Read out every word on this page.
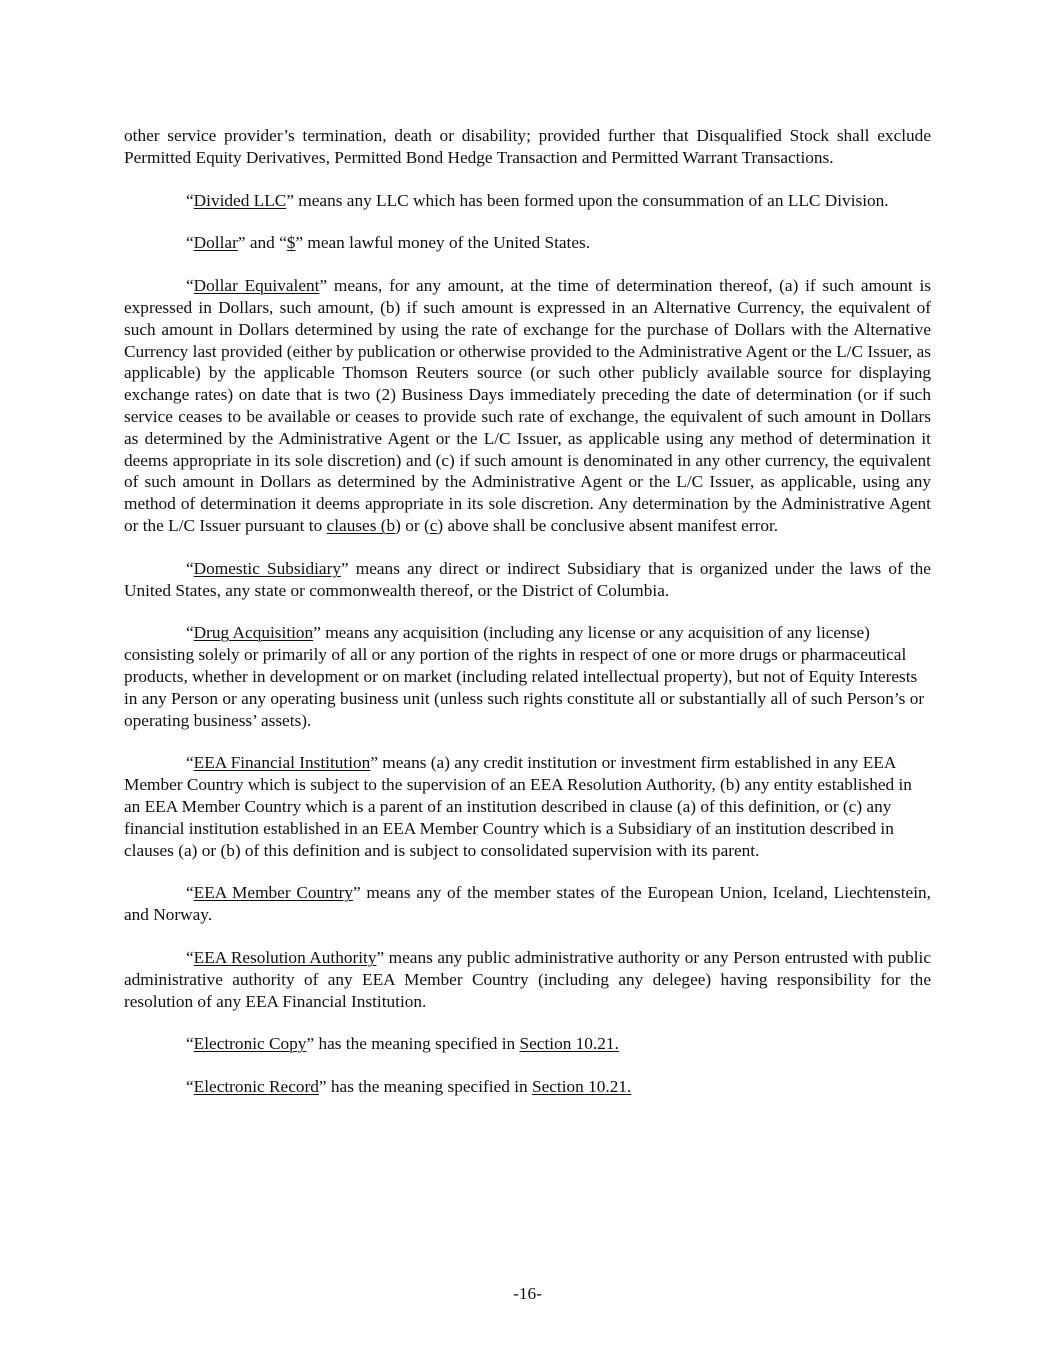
other service provider’s termination, death or disability; provided further that Disqualified Stock shall exclude Permitted Equity Derivatives, Permitted Bond Hedge Transaction and Permitted Warrant Transactions.

“Divided LLC” means any LLC which has been formed upon the consummation of an LLC Division.

“Dollar” and “$” mean lawful money of the United States.

“Dollar Equivalent” means, for any amount, at the time of determination thereof, (a) if such amount is expressed in Dollars, such amount, (b) if such amount is expressed in an Alternative Currency, the equivalent of such amount in Dollars determined by using the rate of exchange for the purchase of Dollars with the Alternative Currency last provided (either by publication or otherwise provided to the Administrative Agent or the L/C Issuer, as applicable) by the applicable Thomson Reuters source (or such other publicly available source for displaying exchange rates) on date that is two (2) Business Days immediately preceding the date of determination (or if such service ceases to be available or ceases to provide such rate of exchange, the equivalent of such amount in Dollars as determined by the Administrative Agent or the L/C Issuer, as applicable using any method of determination it deems appropriate in its sole discretion) and (c) if such amount is denominated in any other currency, the equivalent of such amount in Dollars as determined by the Administrative Agent or the L/C Issuer, as applicable, using any method of determination it deems appropriate in its sole discretion. Any determination by the Administrative Agent or the L/C Issuer pursuant to clauses (b) or (c) above shall be conclusive absent manifest error.

“Domestic Subsidiary” means any direct or indirect Subsidiary that is organized under the laws of the United States, any state or commonwealth thereof, or the District of Columbia.

“Drug Acquisition” means any acquisition (including any license or any acquisition of any license) consisting solely or primarily of all or any portion of the rights in respect of one or more drugs or pharmaceutical products, whether in development or on market (including related intellectual property), but not of Equity Interests in any Person or any operating business unit (unless such rights constitute all or substantially all of such Person’s or operating business’ assets).

“EEA Financial Institution” means (a) any credit institution or investment firm established in any EEA Member Country which is subject to the supervision of an EEA Resolution Authority, (b) any entity established in an EEA Member Country which is a parent of an institution described in clause (a) of this definition, or (c) any financial institution established in an EEA Member Country which is a Subsidiary of an institution described in clauses (a) or (b) of this definition and is subject to consolidated supervision with its parent.

“EEA Member Country” means any of the member states of the European Union, Iceland, Liechtenstein, and Norway.

“EEA Resolution Authority” means any public administrative authority or any Person entrusted with public administrative authority of any EEA Member Country (including any delegee) having responsibility for the resolution of any EEA Financial Institution.

“Electronic Copy” has the meaning specified in Section 10.21.

“Electronic Record” has the meaning specified in Section 10.21.

-16-
